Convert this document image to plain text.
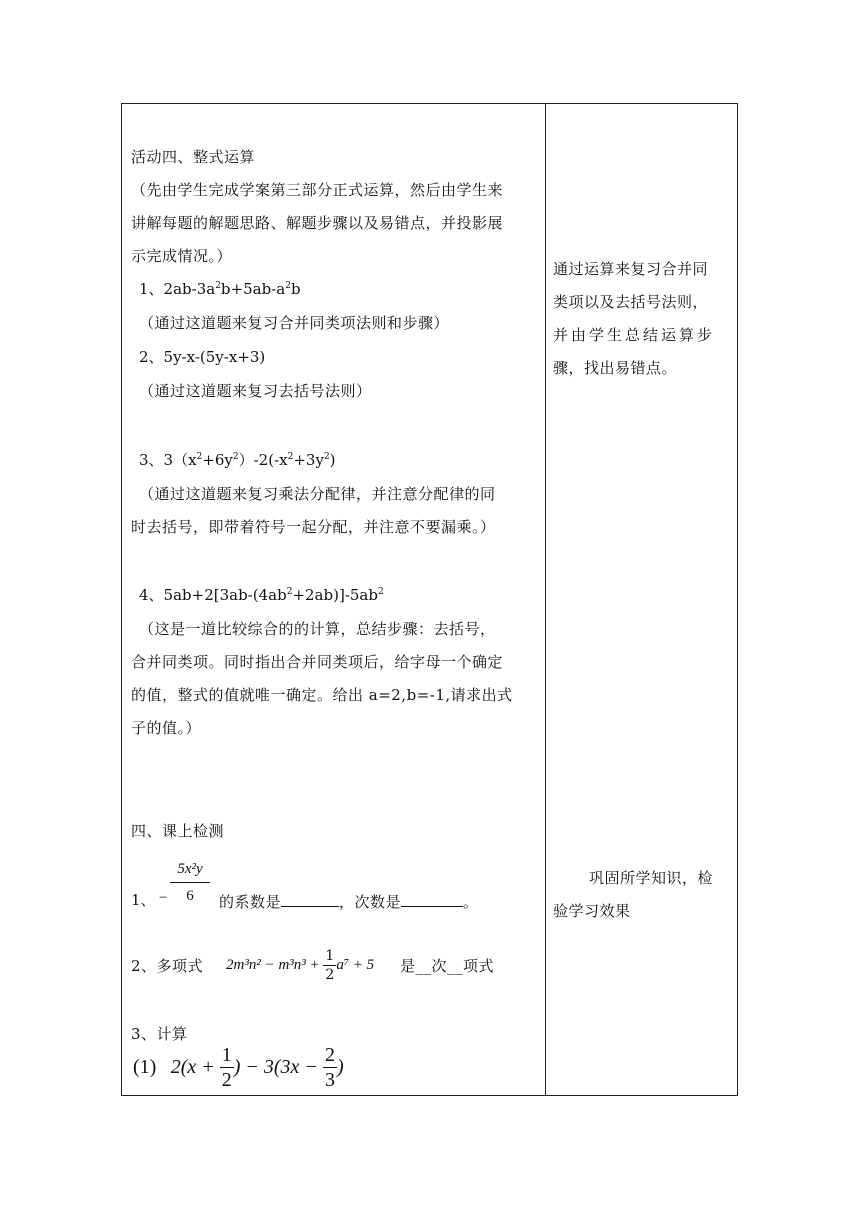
活动四、整式运算
（先由学生完成学案第三部分正式运算，然后由学生来
讲解每题的解题思路、解题步骤以及易错点，并投影展
示完成情况。）
1、$2ab-3a^2b+5ab-a^2b$
（通过这道题来复习合并同类项法则和步骤）
2、5y-x-(5y-x+3)
（通过这道题来复习去括号法则）
3、$3(x^2+6y^2)-2(-x^2+3y^2)$
（通过这道题来复习乘法分配律，并注意分配律的同
时去括号，即带着符号一起分配，并注意不要漏乘。）
4、$5ab+2[3ab-(4ab^2+2ab)]-5ab^2$
（这是一道比较综合的的计算，总结步骤：去括号，
合并同类项。同时指出合并同类项后，给字母一个确定
的值，整式的值就唯一确定。给出 a=2,b=-1,请求出式
子的值。）
四、课上检测
1、 − $\frac{\text{5x²y}}{6}$ 的系数是	，次数是	。
2、多项式 $2m^3n^2 - m^3n^3 + \frac{1}{2} a^7 + 5$ 是__次__项式
3、计算
(1) $2(x + \frac{1}{2}$ ) − $3(3x - \frac{2}{3}$ )
通过运算来复习合并同
类项以及去括号法则，
并由学生总结运算步
骤，找出易错点。
巩固所学知识，检
验学习效果
